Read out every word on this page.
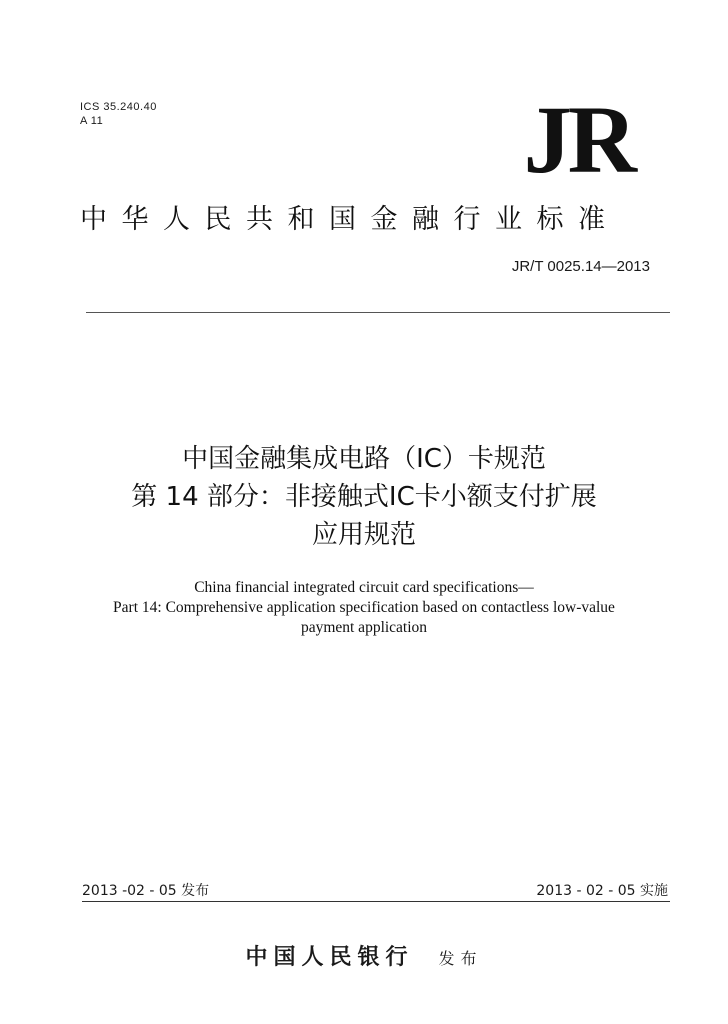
ICS 35.240.40
A 11	JR
中华人民共和国金融行业标准
JR/T 0025.14—2013
中国金融集成电路（IC）卡规范
第 14 部分：非接触式IC卡小额支付扩展
应用规范
China financial integrated circuit card specifications—
Part 14: Comprehensive application specification based on contactless low-value
payment application
2013 -02 - 05 发布	2013 - 02 - 05 实施
中国人民银行 发布
